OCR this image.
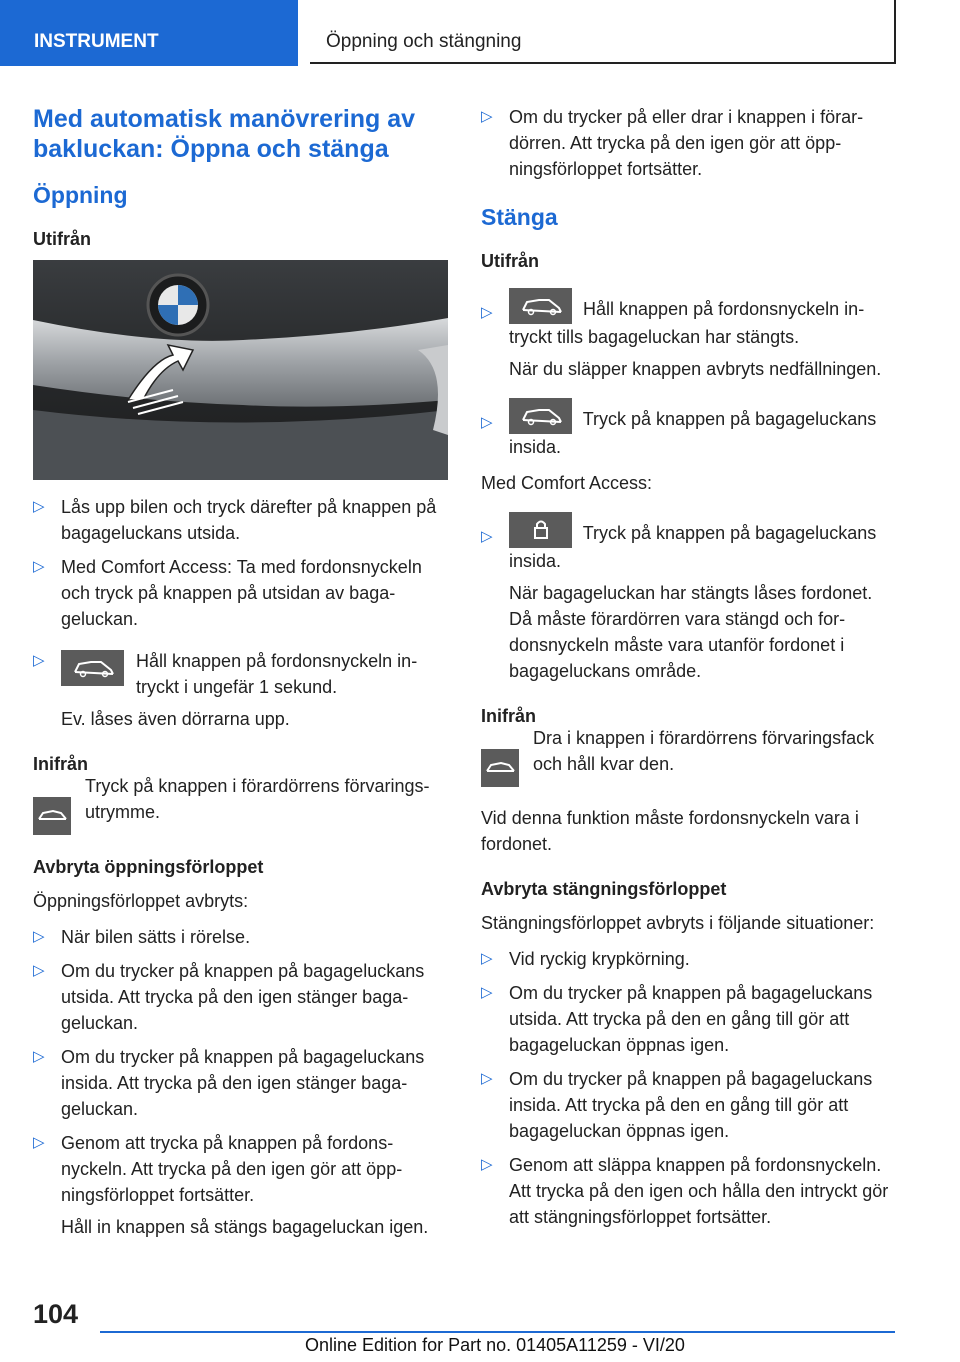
INSTRUMENT	Öppning och stängning
Med automatisk manövrering av bakluckan: Öppna och stänga
Öppning
Utifrån
▷ Lås upp bilen och tryck därefter på knappen på bagageluckans utsida.
▷ Med Comfort Access: Ta med fordonsnyckeln och tryck på knappen på utsidan av bagageluckan.
▷	Håll knappen på fordonsnyckeln intryckt i ungefär 1 sekund.

Ev. låses även dörrarna upp.

Inifrån

Tryck på knappen i förardörrens förvaringsutrymme.

Avbryta öppningsförloppet

Öppningsförloppet avbryts:

▷ När bilen sätts i rörelse.
▷ Om du trycker på knappen på bagageluckans utsida. Att trycka på den igen stänger bagageluckan.
▷ Om du trycker på knappen på bagageluckans insida. Att trycka på den igen stänger bagageluckan.
▷ Genom att trycka på knappen på fordonsnyckeln. Att trycka på den igen gör att öppningsförloppet fortsätter.

Håll in knappen så stängs bagageluckan igen.

▷ Om du trycker på eller drar i knappen i förardörren. Att trycka på den igen gör att öppningsförloppet fortsätter.
Stänga
Utifrån
▷	Håll knappen på fordonsnyckeln intryckt tills bagageluckan har stängts.

När du släpper knappen avbryts nedfällningen.

▷	Tryck på knappen på bagageluckans insida.

Med Comfort Access:

▷	Tryck på knappen på bagageluckans insida.

När bagageluckan har stängts låses fordonet. Då måste förardörren vara stängd och fordonsnyckeln måste vara utanför fordonet i bagageluckans område.

Inifrån

Dra i knappen i förardörrens förvaringsfack och håll kvar den.

Vid denna funktion måste fordonsnyckeln vara i fordonet.

Avbryta stängningsförloppet

Stängningsförloppet avbryts i följande situationer:

▷ Vid ryckig krypkörning.
▷ Om du trycker på knappen på bagageluckans utsida. Att trycka på den en gång till gör att bagageluckan öppnas igen.
▷ Om du trycker på knappen på bagageluckans insida. Att trycka på den en gång till gör att bagageluckan öppnas igen.
▷ Genom att släppa knappen på fordonsnyckeln. Att trycka på den igen och hålla den intryckt gör att stängningsförloppet fortsätter.
104
Online Edition for Part no. 01405A11259 - VI/20
